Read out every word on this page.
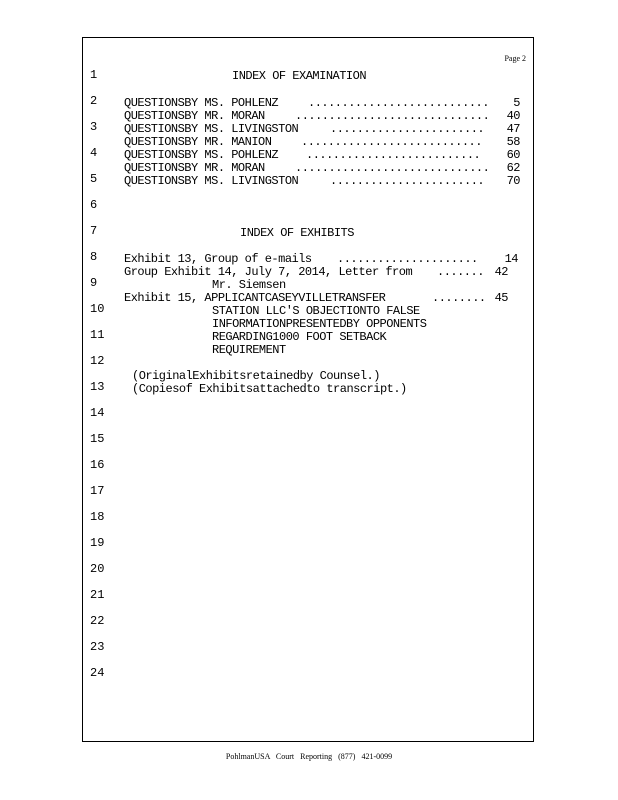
Page 2
1
2
3
4
5
6
7
8
9
10
11
12
13
14
15
16
17
18
19
20
21
22
23
24
INDEX OF EXAMINATION
QUESTIONSBY MS. POHLENZ
QUESTIONSBY MR. MORAN
QUESTIONSBY MS. LIVINGSTON
QUESTIONSBY MR. MANION
QUESTIONSBY MS. POHLENZ
QUESTIONSBY MR. MORAN
QUESTIONSBY MS. LIVINGSTON
...........................
.............................
.......................
...........................
..........................
.............................
.......................
5
40
47
58
60
62
70
INDEX OF EXHIBITS
Exhibit 13, Group of e-mails
Group Exhibit 14, July 7, 2014, Letter from
Mr. Siemsen
Exhibit 15, APPLICANTCASEYVILLETRANSFER
STATION LLC'S OBJECTIONTO FALSE
INFORMATIONPRESENTEDBY OPPONENTS
REGARDING1000 FOOT SETBACK
REQUIREMENT
.....................
.......
........
14
42
45
(OriginalExhibitsretainedby Counsel.)
(Copiesof Exhibitsattachedto transcript.)
PohlmanUSA Court Reporting (877) 421-0099
